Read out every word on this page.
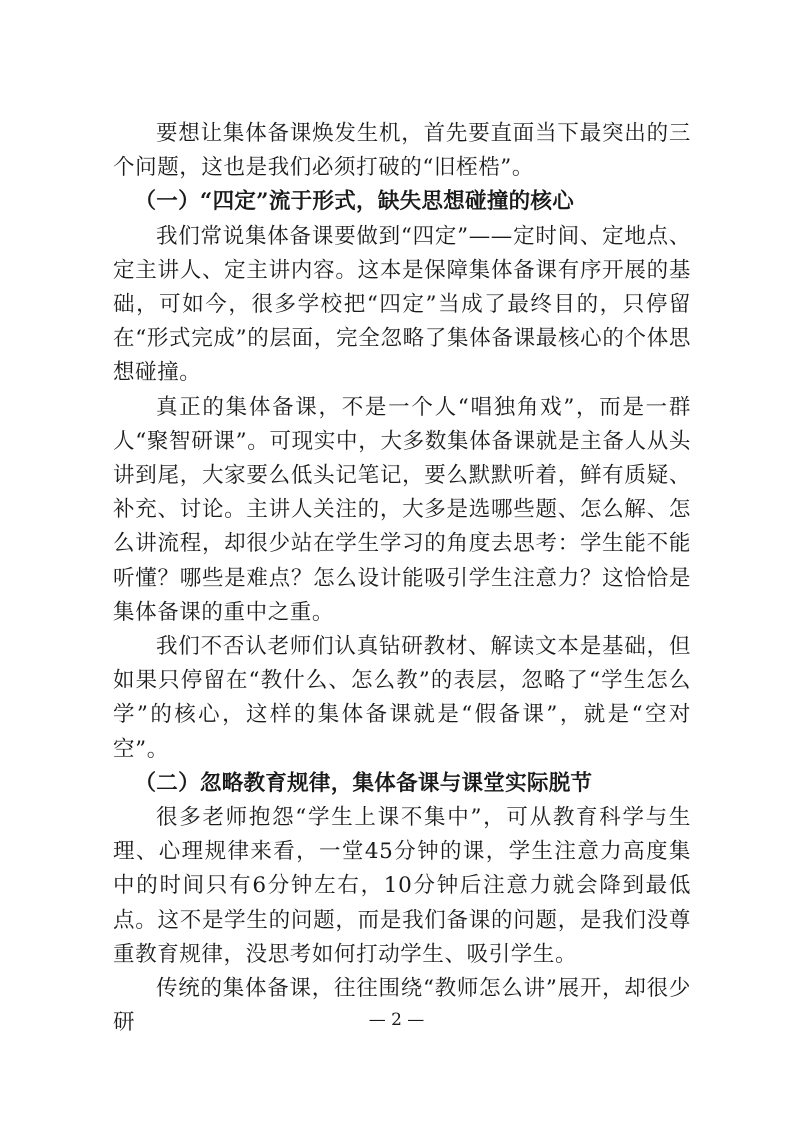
要想让集体备课焕发生机，首先要直面当下最突出的三个问题，这也是我们必须打破的“旧桎梏”。

（一）“四定”流于形式，缺失思想碰撞的核心

我们常说集体备课要做到“四定”——定时间、定地点、定主讲人、定主讲内容。这本是保障集体备课有序开展的基础，可如今，很多学校把“四定”当成了最终目的，只停留在“形式完成”的层面，完全忽略了集体备课最核心的个体思想碰撞。

真正的集体备课，不是一个人“唱独角戏”，而是一群人“聚智研课”。可现实中，大多数集体备课就是主备人从头讲到尾，大家要么低头记笔记，要么默默听着，鲜有质疑、补充、讨论。主讲人关注的，大多是选哪些题、怎么解、怎么讲流程，却很少站在学生学习的角度去思考：学生能不能听懂？哪些是难点？怎么设计能吸引学生注意力？这恰恰是集体备课的重中之重。

我们不否认老师们认真钻研教材、解读文本是基础，但如果只停留在“教什么、怎么教”的表层，忽略了“学生怎么学”的核心，这样的集体备课就是“假备课”，就是“空对空”。

（二）忽略教育规律，集体备课与课堂实际脱节

很多老师抱怨“学生上课不集中”，可从教育科学与生理、心理规律来看，一堂45分钟的课，学生注意力高度集中的时间只有6分钟左右，10分钟后注意力就会降到最低点。这不是学生的问题，而是我们备课的问题，是我们没尊重教育规律，没思考如何打动学生、吸引学生。

传统的集体备课，往往围绕“教师怎么讲”展开，却很少研	— 2 —
